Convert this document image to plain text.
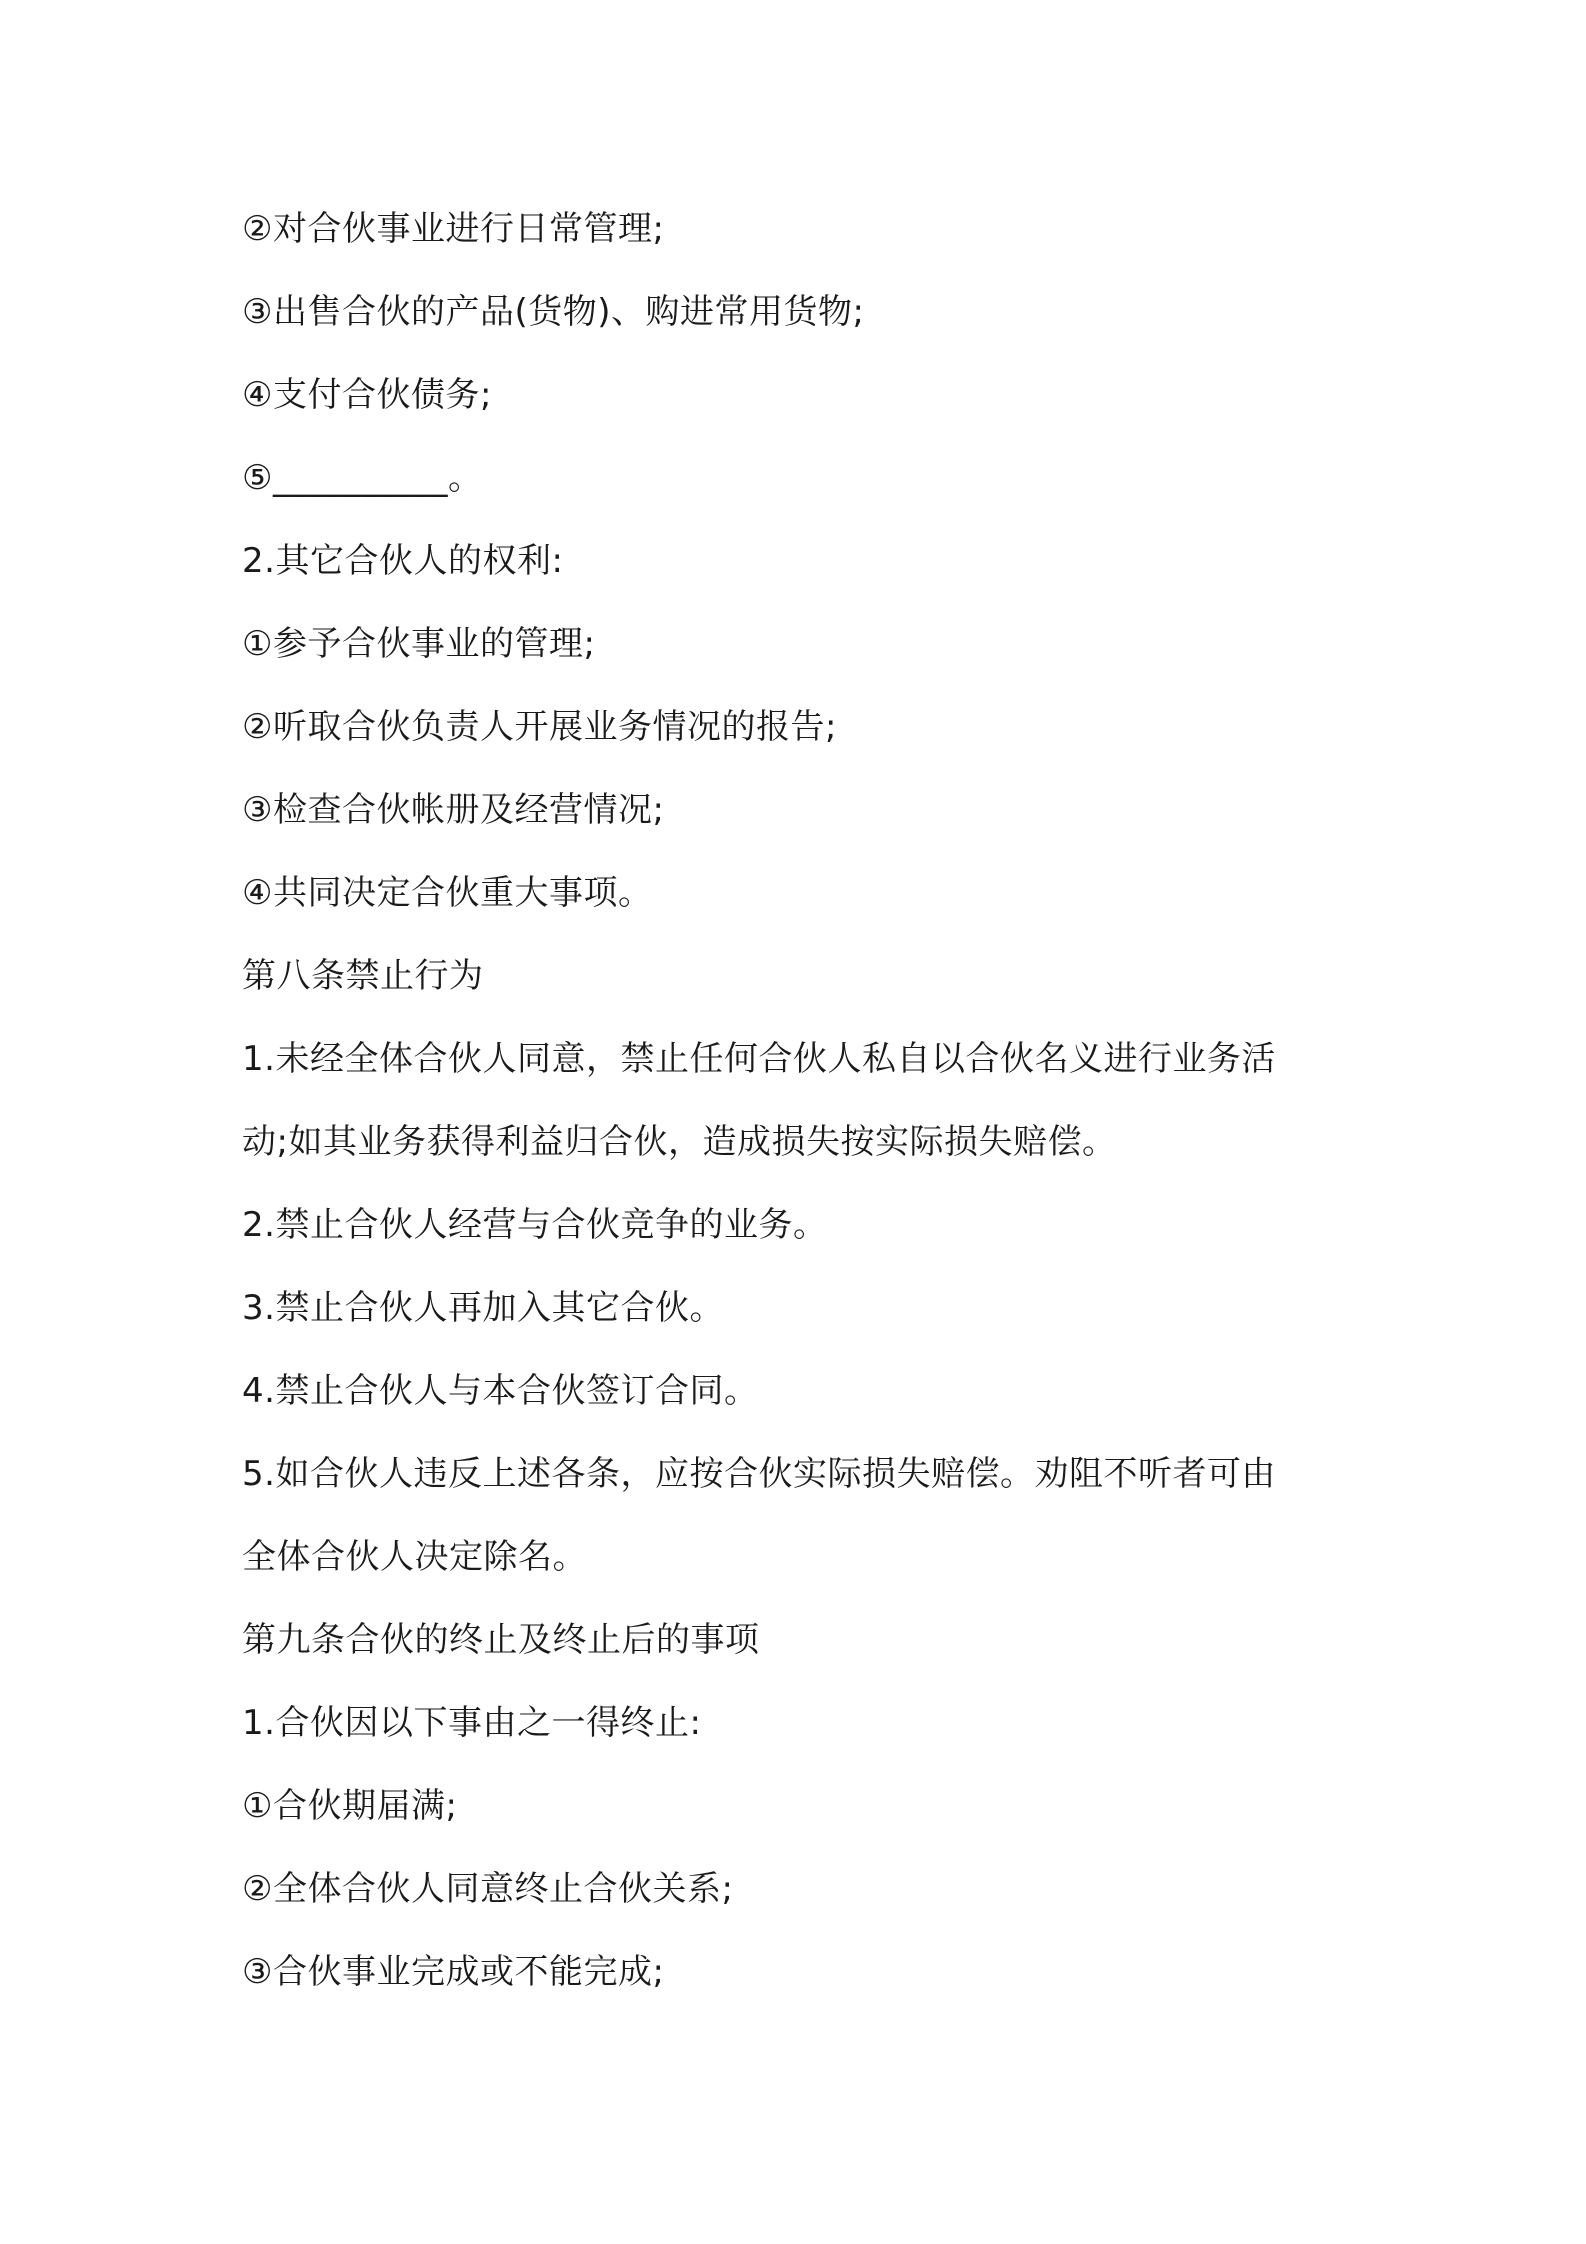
②对合伙事业进行日常管理;
③出售合伙的产品(货物)、购进常用货物;
④支付合伙债务;
⑤__________。
2.其它合伙人的权利:
①参予合伙事业的管理;
②听取合伙负责人开展业务情况的报告;
③检查合伙帐册及经营情况;
④共同决定合伙重大事项。
第八条禁止行为
1.未经全体合伙人同意，禁止任何合伙人私自以合伙名义进行业务活
动;如其业务获得利益归合伙，造成损失按实际损失赔偿。
2.禁止合伙人经营与合伙竞争的业务。
3.禁止合伙人再加入其它合伙。
4.禁止合伙人与本合伙签订合同。
5.如合伙人违反上述各条，应按合伙实际损失赔偿。劝阻不听者可由
全体合伙人决定除名。
第九条合伙的终止及终止后的事项
1.合伙因以下事由之一得终止:
①合伙期届满;
②全体合伙人同意终止合伙关系;
③合伙事业完成或不能完成;
